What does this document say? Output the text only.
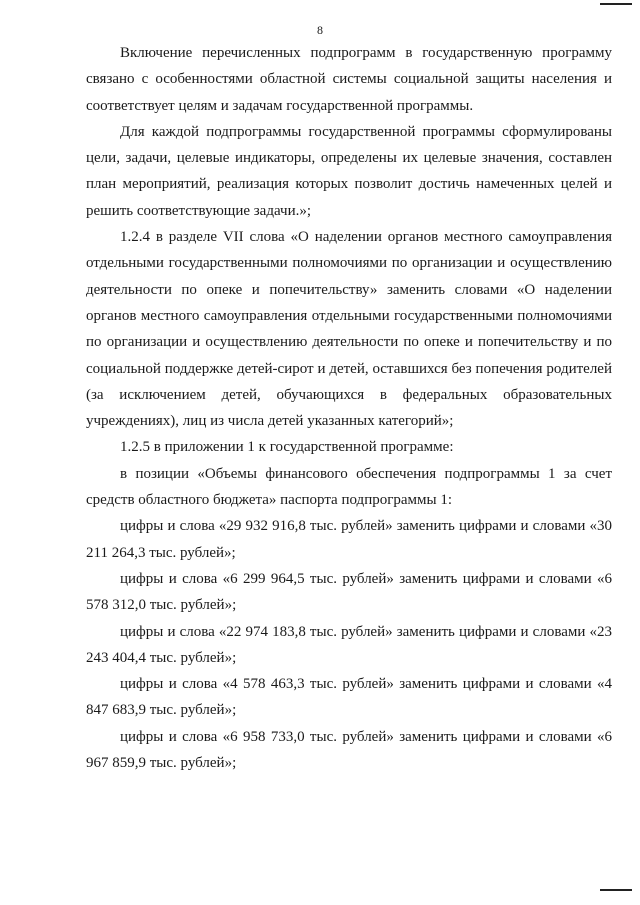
8

Включение перечисленных подпрограмм в государственную программу связано с особенностями областной системы социальной защиты населения и соответствует целям и задачам государственной программы.

Для каждой подпрограммы государственной программы сформулированы цели, задачи, целевые индикаторы, определены их целевые значения, составлен план мероприятий, реализация которых позволит достичь намеченных целей и решить соответствующие задачи.»;

1.2.4 в разделе VII слова «О наделении органов местного самоуправления отдельными государственными полномочиями по организации и осуществлению деятельности по опеке и попечительству» заменить словами «О наделении органов местного самоуправления отдельными государственными полномочиями по организации и осуществлению деятельности по опеке и попечительству и по социальной поддержке детей-сирот и детей, оставшихся без попечения родителей (за исключением детей, обучающихся в федеральных образовательных учреждениях), лиц из числа детей указанных категорий»;

1.2.5 в приложении 1 к государственной программе:

в позиции «Объемы финансового обеспечения подпрограммы 1 за счет средств областного бюджета» паспорта подпрограммы 1:

цифры и слова «29 932 916,8 тыс. рублей» заменить цифрами и словами «30 211 264,3 тыс. рублей»;

цифры и слова «6 299 964,5 тыс. рублей» заменить цифрами и словами «6 578 312,0 тыс. рублей»;

цифры и слова «22 974 183,8 тыс. рублей» заменить цифрами и словами «23 243 404,4 тыс. рублей»;

цифры и слова «4 578 463,3 тыс. рублей» заменить цифрами и словами «4 847 683,9 тыс. рублей»;

цифры и слова «6 958 733,0 тыс. рублей» заменить цифрами и словами «6 967 859,9 тыс. рублей»;
